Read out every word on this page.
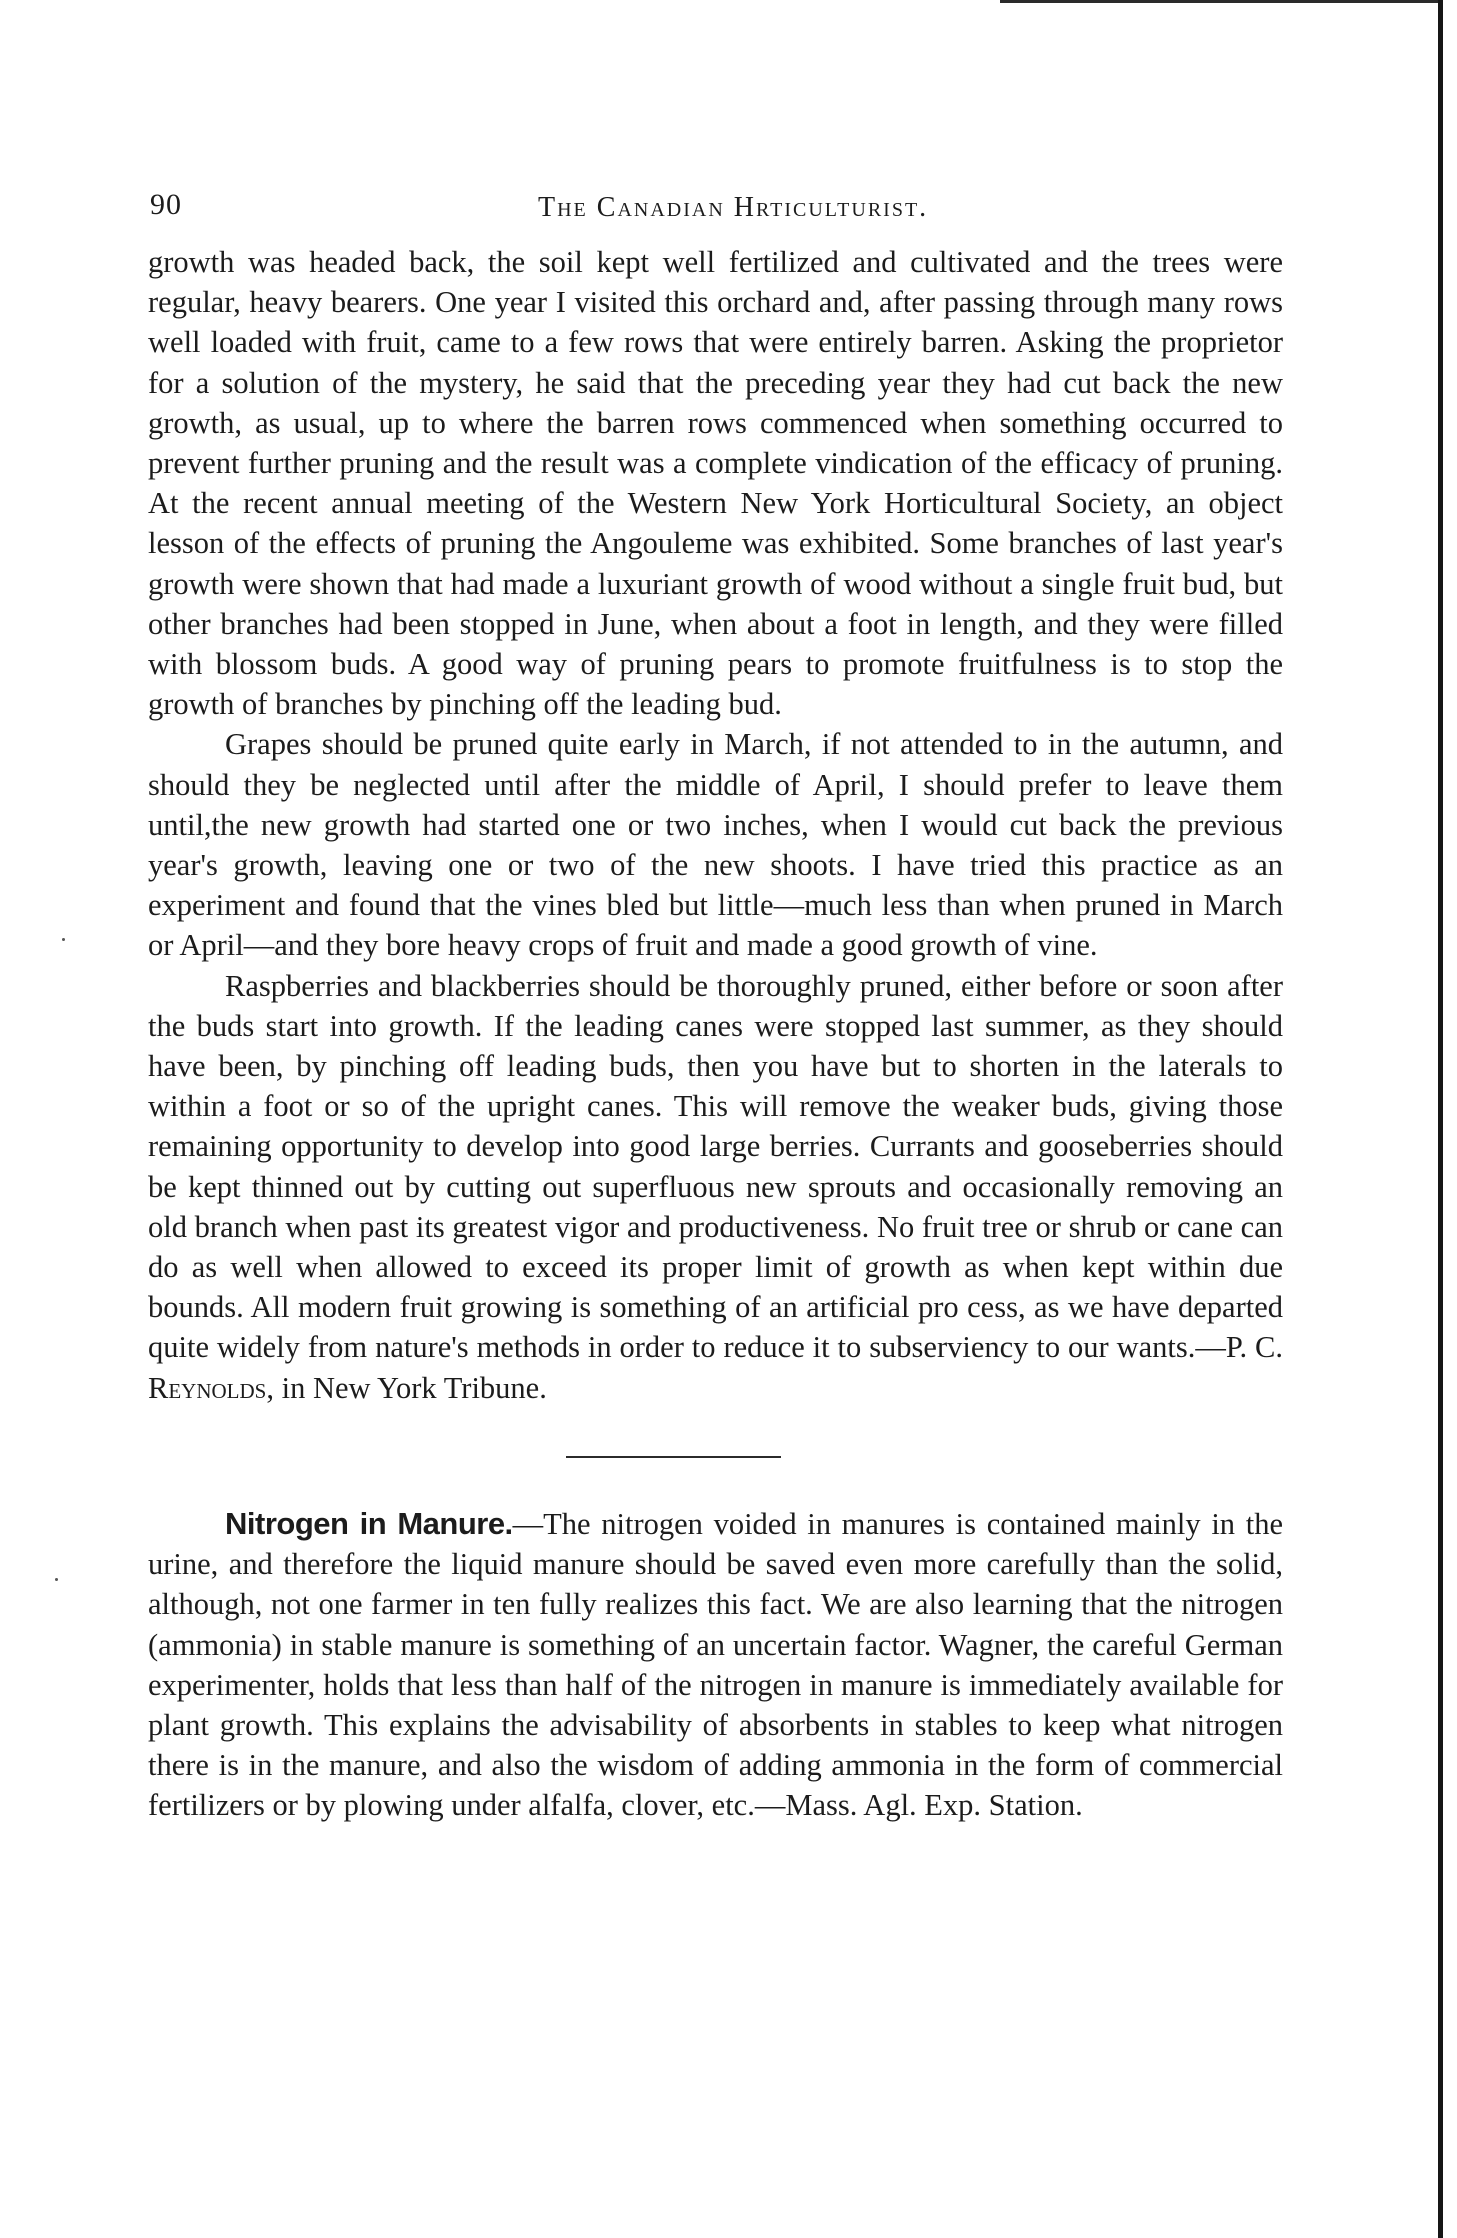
90	The Canadian Hrticulturist.

growth was headed back, the soil kept well fertilized and cultivated and the trees were regular, heavy bearers. One year I visited this orchard and, after passing through many rows well loaded with fruit, came to a few rows that were entirely barren. Asking the proprietor for a solution of the mystery, he said that the preceding year they had cut back the new growth, as usual, up to where the barren rows commenced when something occurred to prevent further pruning and the result was a complete vindication of the efficacy of pruning. At the recent annual meeting of the Western New York Horticultural Society, an object lesson of the effects of pruning the Angouleme was exhibited. Some branches of last year's growth were shown that had made a luxuriant growth of wood without a single fruit bud, but other branches had been stopped in June, when about a foot in length, and they were filled with blossom buds. A good way of pruning pears to promote fruitfulness is to stop the growth of branches by pinching off the leading bud.

Grapes should be pruned quite early in March, if not attended to in the autumn, and should they be neglected until after the middle of April, I should prefer to leave them until,the new growth had started one or two inches, when I would cut back the previous year's growth, leaving one or two of the new shoots. I have tried this practice as an experiment and found that the vines bled but little—much less than when pruned in March or April—and they bore heavy crops of fruit and made a good growth of vine.

Raspberries and blackberries should be thoroughly pruned, either before or soon after the buds start into growth. If the leading canes were stopped last summer, as they should have been, by pinching off leading buds, then you have but to shorten in the laterals to within a foot or so of the upright canes. This will remove the weaker buds, giving those remaining opportunity to develop into good large berries. Currants and gooseberries should be kept thinned out by cutting out superfluous new sprouts and occasionally removing an old branch when past its greatest vigor and productiveness. No fruit tree or shrub or cane can do as well when allowed to exceed its proper limit of growth as when kept within due bounds. All modern fruit growing is something of an artificial pro cess, as we have departed quite widely from nature's methods in order to reduce it to subserviency to our wants.—P. C. Reynolds, in New York Tribune.

Nitrogen in Manure.—The nitrogen voided in manures is contained mainly in the urine, and therefore the liquid manure should be saved even more carefully than the solid, although, not one farmer in ten fully realizes this fact. We are also learning that the nitrogen (ammonia) in stable manure is something of an uncertain factor. Wagner, the careful German experimenter, holds that less than half of the nitrogen in manure is immediately available for plant growth. This explains the advisability of absorbents in stables to keep what nitrogen there is in the manure, and also the wisdom of adding ammonia in the form of commercial fertilizers or by plowing under alfalfa, clover, etc.—Mass. Agl. Exp. Station.
